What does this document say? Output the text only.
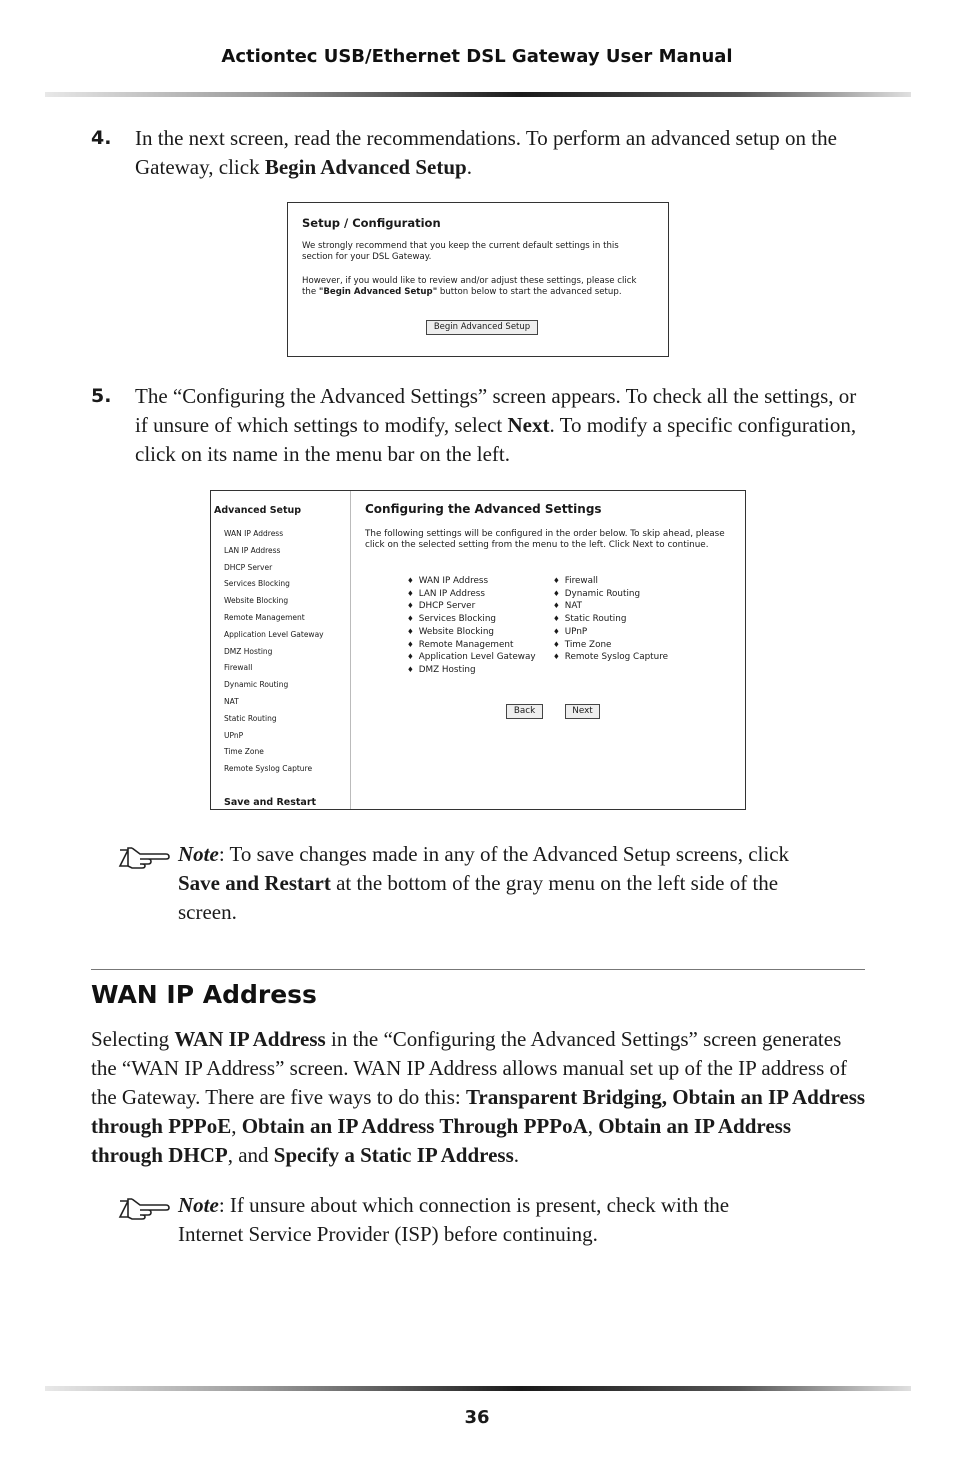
Actiontec USB/Ethernet DSL Gateway User Manual
4. In the next screen, read the recommendations. To perform an advanced setup on the Gateway, click Begin Advanced Setup.
Setup / Configuration
We strongly recommend that you keep the current default settings in this section for your DSL Gateway.
However, if you would like to review and/or adjust these settings, please click the "Begin Advanced Setup" button below to start the advanced setup.
Begin Advanced Setup
5. The “Configuring the Advanced Settings” screen appears. To check all the settings, or if unsure of which settings to modify, select Next. To modify a specific configuration, click on its name in the menu bar on the left.
Advanced Setup
WAN IP Address
LAN IP Address
DHCP Server
Services Blocking
Website Blocking
Remote Management
Application Level Gateway
DMZ Hosting
Firewall
Dynamic Routing
NAT
Static Routing
UPnP
Time Zone
Remote Syslog Capture
Save and Restart
Configuring the Advanced Settings
The following settings will be configured in the order below. To skip ahead, please click on the selected setting from the menu to the left. Click Next to continue.
♦ WAN IP Address
♦ LAN IP Address
♦ DHCP Server
♦ Services Blocking
♦ Website Blocking
♦ Remote Management
♦ Application Level Gateway
♦ DMZ Hosting
♦ Firewall
♦ Dynamic Routing
♦ NAT
♦ Static Routing
♦ UPnP
♦ Time Zone
♦ Remote Syslog Capture
Back	Next
Note: To save changes made in any of the Advanced Setup screens, click Save and Restart at the bottom of the gray menu on the left side of the screen.
WAN IP Address
Selecting WAN IP Address in the “Configuring the Advanced Settings” screen generates the “WAN IP Address” screen. WAN IP Address allows manual set up of the IP address of the Gateway. There are five ways to do this: Transparent Bridging, Obtain an IP Address through PPPoE, Obtain an IP Address Through PPPoA, Obtain an IP Address through DHCP, and Specify a Static IP Address.
Note: If unsure about which connection is present, check with the Internet Service Provider (ISP) before continuing.
36
